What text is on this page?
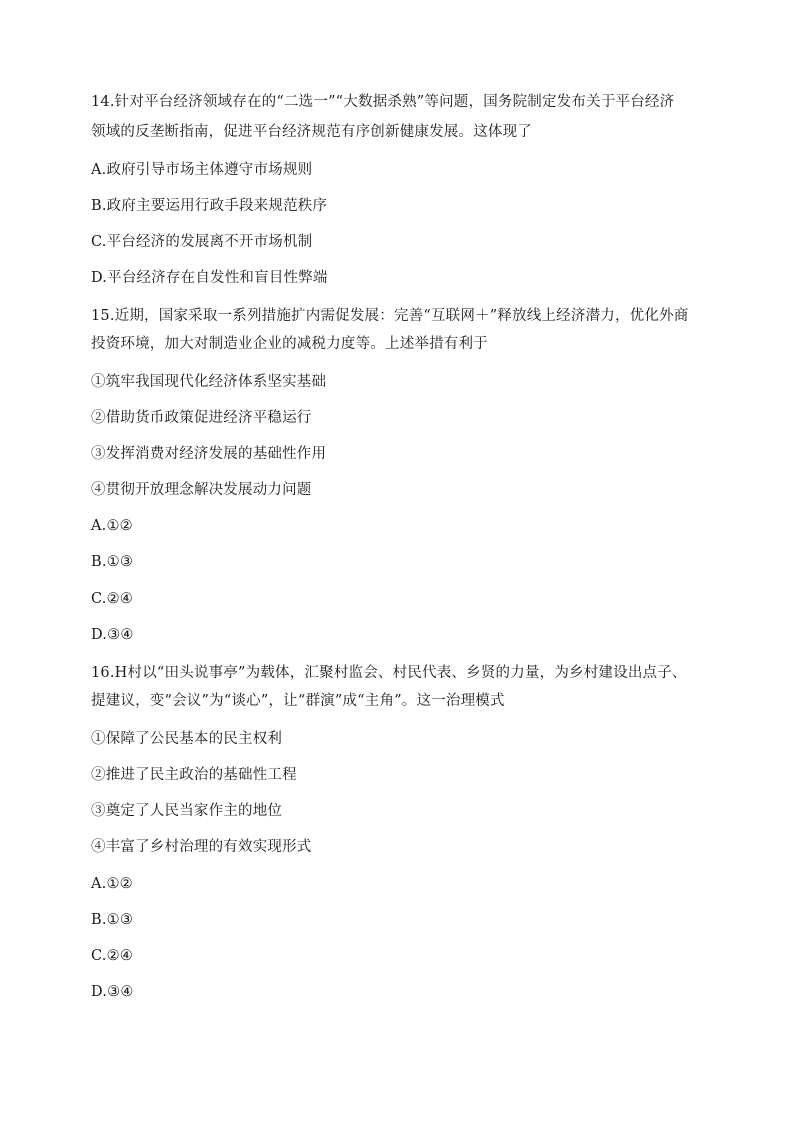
14.针对平台经济领域存在的“二选一”“大数据杀熟”等问题，国务院制定发布关于平台经济
领域的反垄断指南，促进平台经济规范有序创新健康发展。这体现了
A.政府引导市场主体遵守市场规则
B.政府主要运用行政手段来规范秩序
C.平台经济的发展离不开市场机制
D.平台经济存在自发性和盲目性弊端
15.近期，国家采取一系列措施扩内需促发展：完善“互联网＋”释放线上经济潜力，优化外商
投资环境，加大对制造业企业的减税力度等。上述举措有利于
①筑牢我国现代化经济体系坚实基础
②借助货币政策促进经济平稳运行
③发挥消费对经济发展的基础性作用
④贯彻开放理念解决发展动力问题
A.①②
B.①③
C.②④
D.③④
16.H村以“田头说事亭”为载体，汇聚村监会、村民代表、乡贤的力量，为乡村建设出点子、
提建议，变“会议”为“谈心”，让“群演”成“主角”。这一治理模式
①保障了公民基本的民主权利
②推进了民主政治的基础性工程
③奠定了人民当家作主的地位
④丰富了乡村治理的有效实现形式
A.①②
B.①③
C.②④
D.③④
